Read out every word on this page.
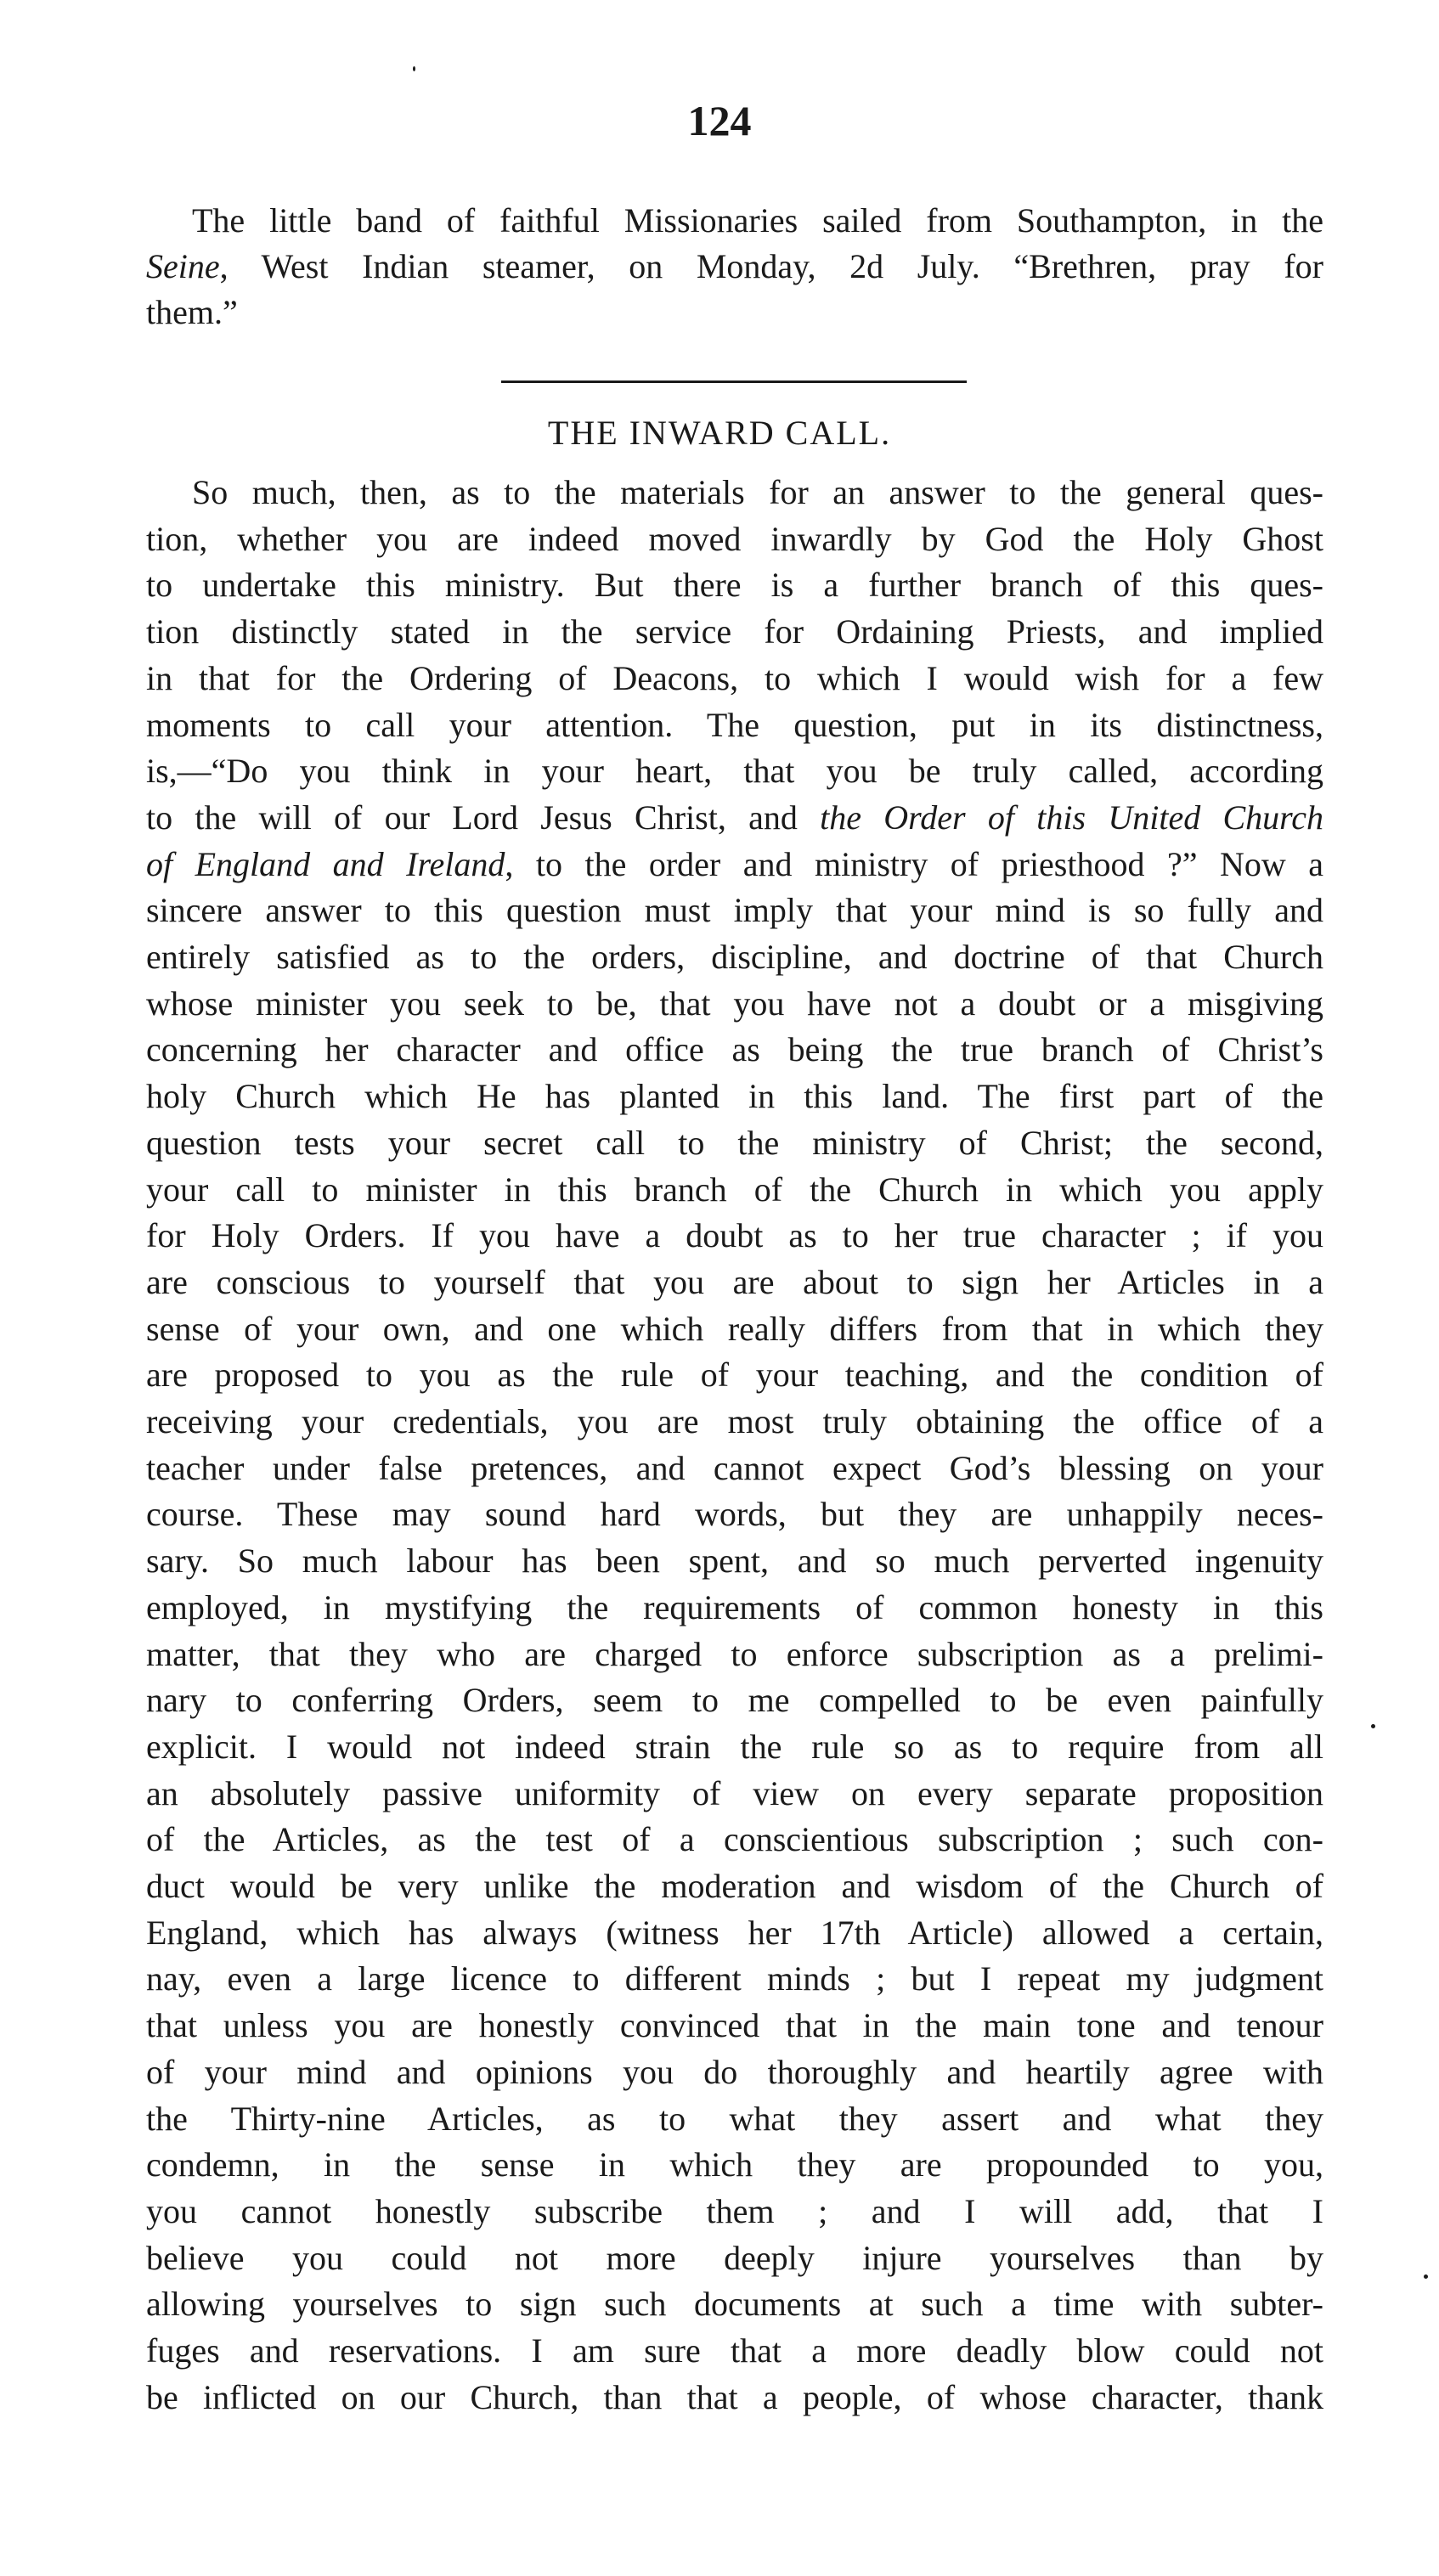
124
The little band of faithful Missionaries sailed from Southampton, in the
Seine, West Indian steamer, on Monday, 2d July. “Brethren, pray for
them.”
THE INWARD CALL.
So much, then, as to the materials for an answer to the general ques-
tion, whether you are indeed moved inwardly by God the Holy Ghost
to undertake this ministry. But there is a further branch of this ques-
tion distinctly stated in the service for Ordaining Priests, and implied
in that for the Ordering of Deacons, to which I would wish for a few
moments to call your attention. The question, put in its distinctness,
is,—“Do you think in your heart, that you be truly called, according
to the will of our Lord Jesus Christ, and the Order of this United Church
of England and Ireland, to the order and ministry of priesthood ?” Now a
sincere answer to this question must imply that your mind is so fully and
entirely satisfied as to the orders, discipline, and doctrine of that Church
whose minister you seek to be, that you have not a doubt or a misgiving
concerning her character and office as being the true branch of Christ’s
holy Church which He has planted in this land. The first part of the
question tests your secret call to the ministry of Christ; the second,
your call to minister in this branch of the Church in which you apply
for Holy Orders. If you have a doubt as to her true character ; if you
are conscious to yourself that you are about to sign her Articles in a
sense of your own, and one which really differs from that in which they
are proposed to you as the rule of your teaching, and the condition of
receiving your credentials, you are most truly obtaining the office of a
teacher under false pretences, and cannot expect God’s blessing on your
course. These may sound hard words, but they are unhappily neces-
sary. So much labour has been spent, and so much perverted ingenuity
employed, in mystifying the requirements of common honesty in this
matter, that they who are charged to enforce subscription as a prelimi-
nary to conferring Orders, seem to me compelled to be even painfully
explicit. I would not indeed strain the rule so as to require from all
an absolutely passive uniformity of view on every separate proposition
of the Articles, as the test of a conscientious subscription ; such con-
duct would be very unlike the moderation and wisdom of the Church of
England, which has always (witness her 17th Article) allowed a certain,
nay, even a large licence to different minds ; but I repeat my judgment
that unless you are honestly convinced that in the main tone and tenour
of your mind and opinions you do thoroughly and heartily agree with
the Thirty-nine Articles, as to what they assert and what they
condemn, in the sense in which they are propounded to you,
you cannot honestly subscribe them ; and I will add, that I
believe you could not more deeply injure yourselves than by
allowing yourselves to sign such documents at such a time with subter-
fuges and reservations. I am sure that a more deadly blow could not
be inflicted on our Church, than that a people, of whose character, thank
